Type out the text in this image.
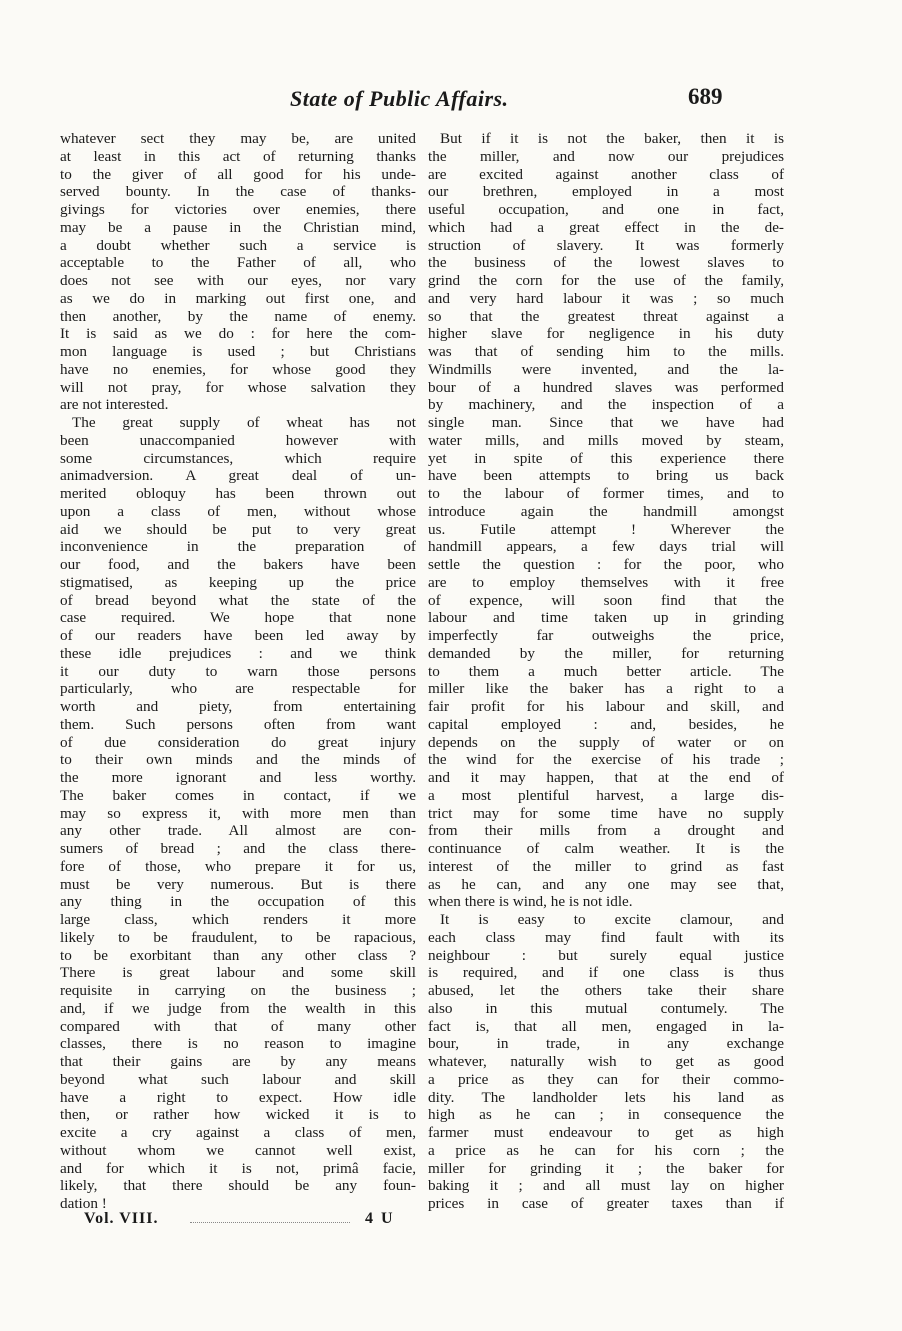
State of Public Affairs.	689
whatever sect they may be, are united
at least in this act of returning thanks
to the giver of all good for his unde-
served bounty. In the case of thanks-
givings for victories over enemies, there
may be a pause in the Christian mind,
a doubt whether such a service is
acceptable to the Father of all, who
does not see with our eyes, nor vary
as we do in marking out first one, and
then another, by the name of enemy.
It is said as we do : for here the com-
mon language is used ; but Christians
have no enemies, for whose good they
will not pray, for whose salvation they
are not interested.
The great supply of wheat has not
been unaccompanied however with
some circumstances, which require
animadversion. A great deal of un-
merited obloquy has been thrown out
upon a class of men, without whose
aid we should be put to very great
inconvenience in the preparation of
our food, and the bakers have been
stigmatised, as keeping up the price
of bread beyond what the state of the
case required. We hope that none
of our readers have been led away by
these idle prejudices : and we think
it our duty to warn those persons
particularly, who are respectable for
worth and piety, from entertaining
them. Such persons often from want
of due consideration do great injury
to their own minds and the minds of
the more ignorant and less worthy.
The baker comes in contact, if we
may so express it, with more men than
any other trade. All almost are con-
sumers of bread ; and the class there-
fore of those, who prepare it for us,
must be very numerous. But is there
any thing in the occupation of this
large class, which renders it more
likely to be fraudulent, to be rapacious,
to be exorbitant than any other class ?
There is great labour and some skill
requisite in carrying on the business ;
and, if we judge from the wealth in this
compared with that of many other
classes, there is no reason to imagine
that their gains are by any means
beyond what such labour and skill
have a right to expect. How idle
then, or rather how wicked it is to
excite a cry against a class of men,
without whom we cannot well exist,
and for which it is not, primâ facie,
likely, that there should be any foun-
dation !
But if it is not the baker, then it is
the miller, and now our prejudices
are excited against another class of
our brethren, employed in a most
useful occupation, and one in fact,
which had a great effect in the de-
struction of slavery. It was formerly
the business of the lowest slaves to
grind the corn for the use of the family,
and very hard labour it was ; so much
so that the greatest threat against a
higher slave for negligence in his duty
was that of sending him to the mills.
Windmills were invented, and the la-
bour of a hundred slaves was performed
by machinery, and the inspection of a
single man. Since that we have had
water mills, and mills moved by steam,
yet in spite of this experience there
have been attempts to bring us back
to the labour of former times, and to
introduce again the handmill amongst
us. Futile attempt ! Wherever the
handmill appears, a few days trial will
settle the question : for the poor, who
are to employ themselves with it free
of expence, will soon find that the
labour and time taken up in grinding
imperfectly far outweighs the price,
demanded by the miller, for returning
to them a much better article. The
miller like the baker has a right to a
fair profit for his labour and skill, and
capital employed : and, besides, he
depends on the supply of water or on
the wind for the exercise of his trade ;
and it may happen, that at the end of
a most plentiful harvest, a large dis-
trict may for some time have no supply
from their mills from a drought and
continuance of calm weather. It is the
interest of the miller to grind as fast
as he can, and any one may see that,
when there is wind, he is not idle.
It is easy to excite clamour, and
each class may find fault with its
neighbour : but surely equal justice
is required, and if one class is thus
abused, let the others take their share
also in this mutual contumely. The
fact is, that all men, engaged in la-
bour, in trade, in any exchange
whatever, naturally wish to get as good
a price as they can for their commo-
dity. The landholder lets his land as
high as he can ; in consequence the
farmer must endeavour to get as high
a price as he can for his corn ; the
miller for grinding it ; the baker for
baking it ; and all must lay on higher
prices in case of greater taxes than if
Vol. VIII.	4 U
